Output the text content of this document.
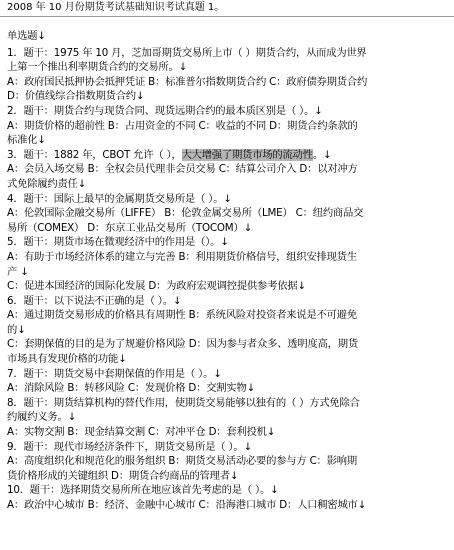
2008 年 10 月份期货考试基础知识考试真题 1。
单选题↓
1．题干：1975 年 10 月，芝加哥期货交易所上市（ ）期货合约，从而成为世界
上第一个推出利率期货合约的交易所。↓
A：政府国民抵押协会抵押凭证 B：标准普尔指数期货合约 C：政府债券期货合约
D：价值线综合指数期货合约↓
2．题干：期货合约与现货合同、现货远期合约的最本质区别是（ ）。↓
A：期货价格的超前性 B：占用资金的不同 C：收益的不同 D：期货合约条款的
标准化↓
3．题干：1882 年，CBOT 允许（ ），大大增强了期货市场的流动性。↓
A：会员入场交易 B：全权会员代理非会员交易 C：结算公司介入 D：以对冲方
式免除履约责任↓
4．题干：国际上最早的金属期货交易所是（ ）。↓
A：伦敦国际金融交易所（LIFFE） B：伦敦金属交易所（LME） C：纽约商品交
易所（COMEX） D：东京工业品交易所（TOCOM）↓
5．题干：期货市场在微观经济中的作用是（）。↓
A：有助于市场经济体系的建立与完善 B：利用期货价格信号，组织安排现货生
产 ↓
C：促进本国经济的国际化发展 D：为政府宏观调控提供参考依据↓
6．题干：以下说法不正确的是（ ）。↓
A：通过期货交易形成的价格具有周期性 B：系统风险对投资者来说是不可避免
的↓
C：套期保值的目的是为了规避价格风险 D：因为参与者众多、透明度高，期货
市场具有发现价格的功能↓
7．题干：期货交易中套期保值的作用是（ ）。↓
A：消除风险 B：转移风险 C：发现价格 D：交割实物↓
8．题干：期货结算机构的替代作用，使期货交易能够以独有的（ ）方式免除合
约履约义务。↓
A：实物交割 B：现金结算交割 C：对冲平仓 D：套利投机↓
9．题干：现代市场经济条件下，期货交易所是（ ）。↓
A：高度组织化和规范化的服务组织 B：期货交易活动必要的参与方 C：影响期
货价格形成的关键组织 D：期货合约商品的管理者↓
10．题干：选择期货交易所所在地应该首先考虑的是（ ）。↓
A：政治中心城市 B：经济、金融中心城市 C：沿海港口城市 D：人口稠密城市↓
